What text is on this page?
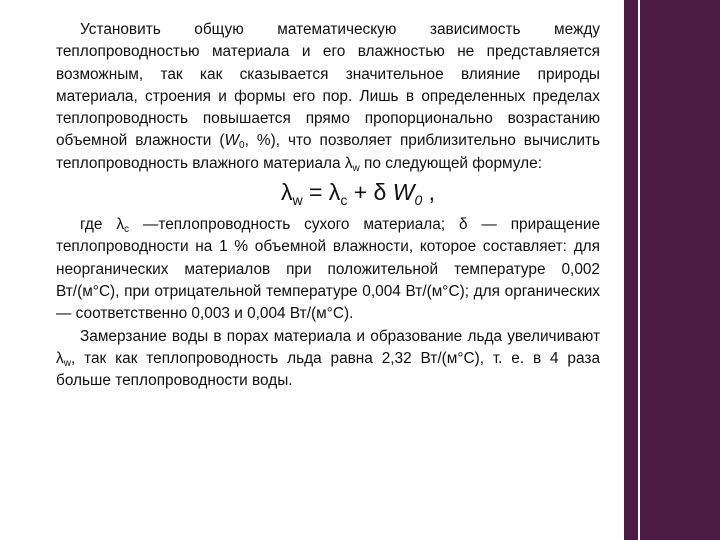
Установить общую математическую зависимость между теплопроводностью материала и его влажностью не представляется возможным, так как сказывается значительное влияние природы материала, строения и формы его пор. Лишь в определенных пределах теплопроводность повышается прямо пропорционально возрастанию объемной влажности ($W_0$, %), что позволяет приблизительно вычислить теплопроводность влажного материала $\lambda_w$ по следующей формуле:

$\lambda_w = \lambda_c + \delta$ $W_0$ ,

где $\lambda_c$ —теплопроводность сухого материала; δ — приращение теплопроводности на 1 % объемной влажности, которое составляет: для неорганических материалов при положительной температуре 0,002 Вт/(м°С), при отрицательной температуре 0,004 Вт/(м°С); для органических — соответственно 0,003 и 0,004 Вт/(м°С).

Замерзание воды в порах материала и образование льда увеличивают $\lambda_w$, так как теплопроводность льда равна 2,32 Вт/(м°С), т. е. в 4 раза больше теплопроводности воды.
